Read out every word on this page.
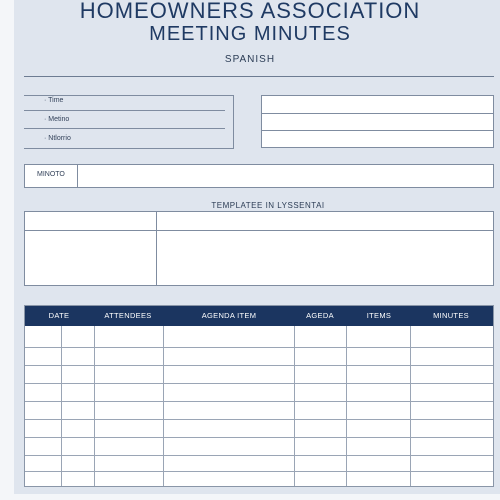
HOMEOWNERS ASSOCIATION
MEETING MINUTES
SPANISH
· Time
· Metino
· Ntlorrio
MINOTO
TEMPLATEE IN LYSSENTAI
DATE	ATTENDEES	AGENDA ITEM	AGEDA	ITEMS	MINUTES
